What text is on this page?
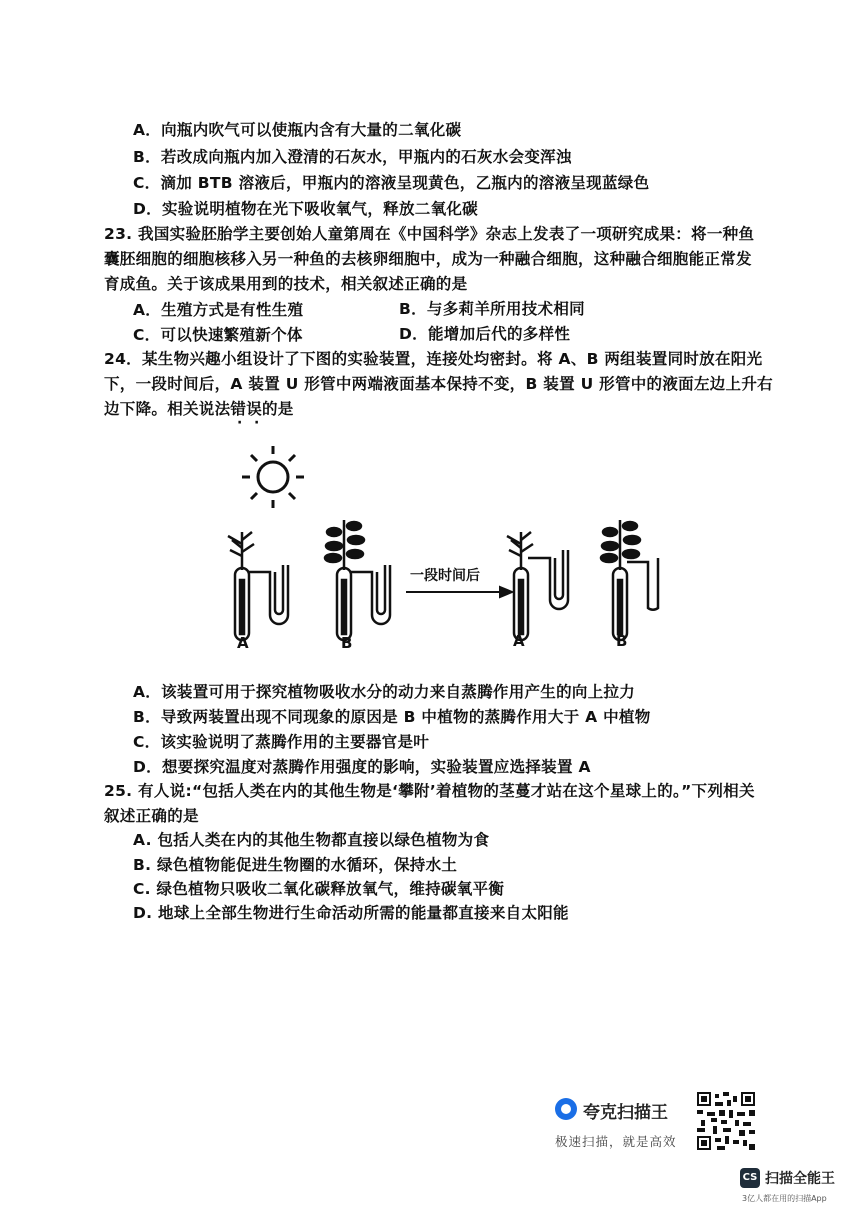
A．向瓶内吹气可以使瓶内含有大量的二氧化碳
B．若改成向瓶内加入澄清的石灰水，甲瓶内的石灰水会变浑浊
C．滴加 BTB 溶液后，甲瓶内的溶液呈现黄色，乙瓶内的溶液呈现蓝绿色
D．实验说明植物在光下吸收氧气，释放二氧化碳
23. 我国实验胚胎学主要创始人童第周在《中国科学》杂志上发表了一项研究成果：将一种鱼
囊胚细胞的细胞核移入另一种鱼的去核卵细胞中，成为一种融合细胞，这种融合细胞能正常发
育成鱼。关于该成果用到的技术，相关叙述正确的是
A．生殖方式是有性生殖	B．与多莉羊所用技术相同
C．可以快速繁殖新个体	D．能增加后代的多样性
24．某生物兴趣小组设计了下图的实验装置，连接处均密封。将 A、B 两组装置同时放在阳光
下，一段时间后，A 装置 U 形管中两端液面基本保持不变，B 装置 U 形管中的液面左边上升右
边下降。相关说法错误的是
· ·
一段时间后
A	B	A	B
A．该装置可用于探究植物吸收水分的动力来自蒸腾作用产生的向上拉力
B．导致两装置出现不同现象的原因是 B 中植物的蒸腾作用大于 A 中植物
C．该实验说明了蒸腾作用的主要器官是叶
D．想要探究温度对蒸腾作用强度的影响，实验装置应选择装置 A
25. 有人说:“包括人类在内的其他生物是‘攀附’着植物的茎蔓才站在这个星球上的。”下列相关
叙述正确的是
A. 包括人类在内的其他生物都直接以绿色植物为食
B. 绿色植物能促进生物圈的水循环，保持水土
C. 绿色植物只吸收二氧化碳释放氧气，维持碳氧平衡
D. 地球上全部生物进行生命活动所需的能量都直接来自太阳能
夸克扫描王
极速扫描，就是高效
CS 扫描全能王
3亿人都在用的扫描App
